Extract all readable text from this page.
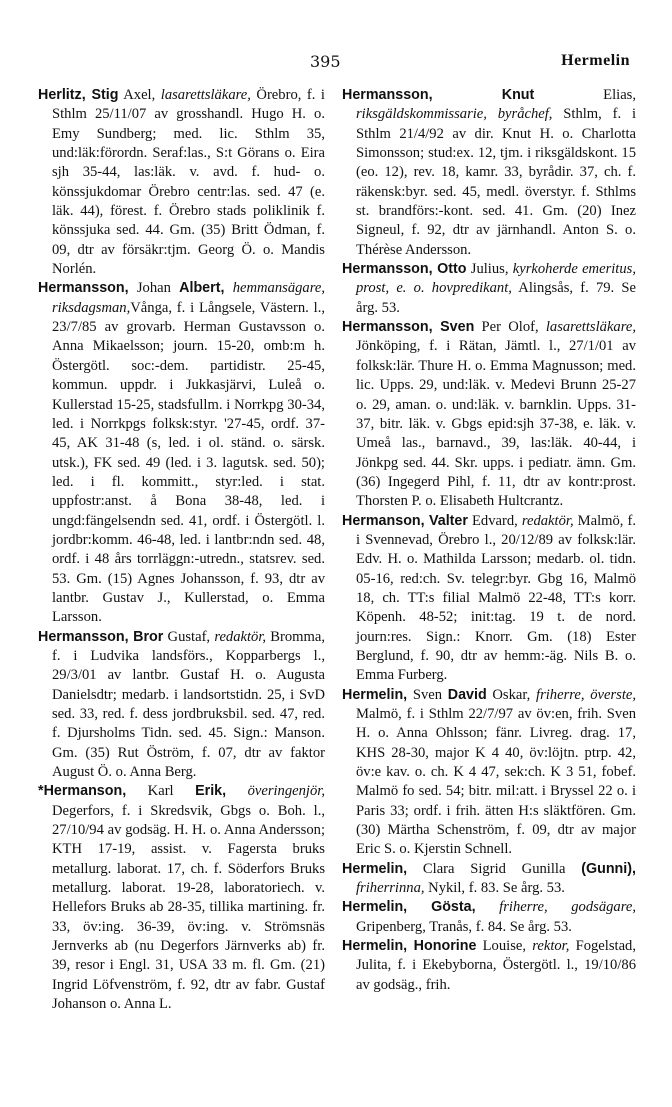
395	Hermelin

Herlitz, Stig Axel, lasarettsläkare, Örebro, f. i Sthlm 25/11/07 av grosshandl. Hugo H. o. Emy Sundberg; med. lic. Sthlm 35, und:läk:förordn. Seraf:las., S:t Görans o. Eira sjh 35-44, las:läk. v. avd. f. hud- o. könssjukdomar Örebro centr:las. sed. 47 (e. läk. 44), förest. f. Örebro stads poliklinik f. könssjuka sed. 44. Gm. (35) Britt Ödman, f. 09, dtr av försäkr:tjm. Georg Ö. o. Mandis Norlén.

Hermansson, Johan Albert, hemmansägare, riksdagsman,Vånga, f. i Långsele, Västern. l., 23/7/85 av grovarb. Herman Gustavsson o. Anna Mikaelsson; journ. 15-20, omb:m h. Östergötl. soc:-dem. partidistr. 25-45, kommun. uppdr. i Jukkasjärvi, Luleå o. Kullerstad 15-25, stadsfullm. i Norrkpg 30-34, led. i Norrkpgs folksk:styr. '27-45, ordf. 37-45, AK 31-48 (s, led. i ol. ständ. o. särsk. utsk.), FK sed. 49 (led. i 3. lagutsk. sed. 50); led. i fl. kommitt., styr:led. i stat. uppfostr:anst. å Bona 38-48, led. i ungd:fängelsendn sed. 41, ordf. i Östergötl. l. jordbr:komm. 46-48, led. i lantbr:ndn sed. 48, ordf. i 48 års torrläggn:-utredn., statsrev. sed. 53. Gm. (15) Agnes Johansson, f. 93, dtr av lantbr. Gustav J., Kullerstad, o. Emma Larsson.

Hermansson, Bror Gustaf, redaktör, Bromma, f. i Ludvika landsförs., Kopparbergs l., 29/3/01 av lantbr. Gustaf H. o. Augusta Danielsdtr; medarb. i landsortstidn. 25, i SvD sed. 33, red. f. dess jordbruksbil. sed. 47, red. f. Djursholms Tidn. sed. 45. Sign.: Manson. Gm. (35) Rut Öström, f. 07, dtr av faktor August Ö. o. Anna Berg.

*Hermanson, Karl Erik, överingenjör, Degerfors, f. i Skredsvik, Gbgs o. Boh. l., 27/10/94 av godsäg. H. H. o. Anna Andersson; KTH 17-19, assist. v. Fagersta bruks metallurg. laborat. 17, ch. f. Söderfors Bruks metallurg. laborat. 19-28, laboratoriech. v. Hellefors Bruks ab 28-35, tillika martining. fr. 33, öv:ing. 36-39, öv:ing. v. Strömsnäs Jernverks ab (nu Degerfors Järnverks ab) fr. 39, resor i Engl. 31, USA 33 m. fl. Gm. (21) Ingrid Löfvenström, f. 92, dtr av fabr. Gustaf Johanson o. Anna L.

Hermansson, Knut Elias, riksgäldskommissarie, byråchef, Sthlm, f. i Sthlm 21/4/92 av dir. Knut H. o. Charlotta Simonsson; stud:ex. 12, tjm. i riksgäldskont. 15 (eo. 12), rev. 18, kamr. 33, byrådir. 37, ch. f. räkensk:byr. sed. 45, medl. överstyr. f. Sthlms st. brandförs:-kont. sed. 41. Gm. (20) Inez Signeul, f. 92, dtr av järnhandl. Anton S. o. Thérèse Andersson.

Hermansson, Otto Julius, kyrkoherde emeritus, prost, e. o. hovpredikant, Alingsås, f. 79. Se årg. 53.

Hermansson, Sven Per Olof, lasarettsläkare, Jönköping, f. i Rätan, Jämtl. l., 27/1/01 av folksk:lär. Thure H. o. Emma Magnusson; med. lic. Upps. 29, und:läk. v. Medevi Brunn 25-27 o. 29, aman. o. und:läk. v. barnklin. Upps. 31-37, bitr. läk. v. Gbgs epid:sjh 37-38, e. läk. v. Umeå las., barnavd., 39, las:läk. 40-44, i Jönkpg sed. 44. Skr. upps. i pediatr. ämn. Gm. (36) Ingegerd Pihl, f. 11, dtr av kontr:prost. Thorsten P. o. Elisabeth Hultcrantz.

Hermanson, Valter Edvard, redaktör, Malmö, f. i Svennevad, Örebro l., 20/12/89 av folksk:lär. Edv. H. o. Mathilda Larsson; medarb. ol. tidn. 05-16, red:ch. Sv. telegr:byr. Gbg 16, Malmö 18, ch. TT:s filial Malmö 22-48, TT:s korr. Köpenh. 48-52; init:tag. 19 t. de nord. journ:res. Sign.: Knorr. Gm. (18) Ester Berglund, f. 90, dtr av hemm:-äg. Nils B. o. Emma Furberg.

Hermelin, Sven David Oskar, friherre, överste, Malmö, f. i Sthlm 22/7/97 av öv:en, frih. Sven H. o. Anna Ohlsson; fänr. Livreg. drag. 17, KHS 28-30, major K 4 40, öv:löjtn. ptrp. 42, öv:e kav. o. ch. K 4 47, sek:ch. K 3 51, fobef. Malmö fo sed. 54; bitr. mil:att. i Bryssel 22 o. i Paris 33; ordf. i frih. ätten H:s släktfören. Gm. (30) Märtha Schenström, f. 09, dtr av major Eric S. o. Kjerstin Schnell.

Hermelin, Clara Sigrid Gunilla (Gunni), friherrinna, Nykil, f. 83. Se årg. 53.

Hermelin, Gösta, friherre, godsägare, Gripenberg, Tranås, f. 84. Se årg. 53.

Hermelin, Honorine Louise, rektor, Fogelstad, Julita, f. i Ekebyborna, Östergötl. l., 19/10/86 av godsäg., frih.
